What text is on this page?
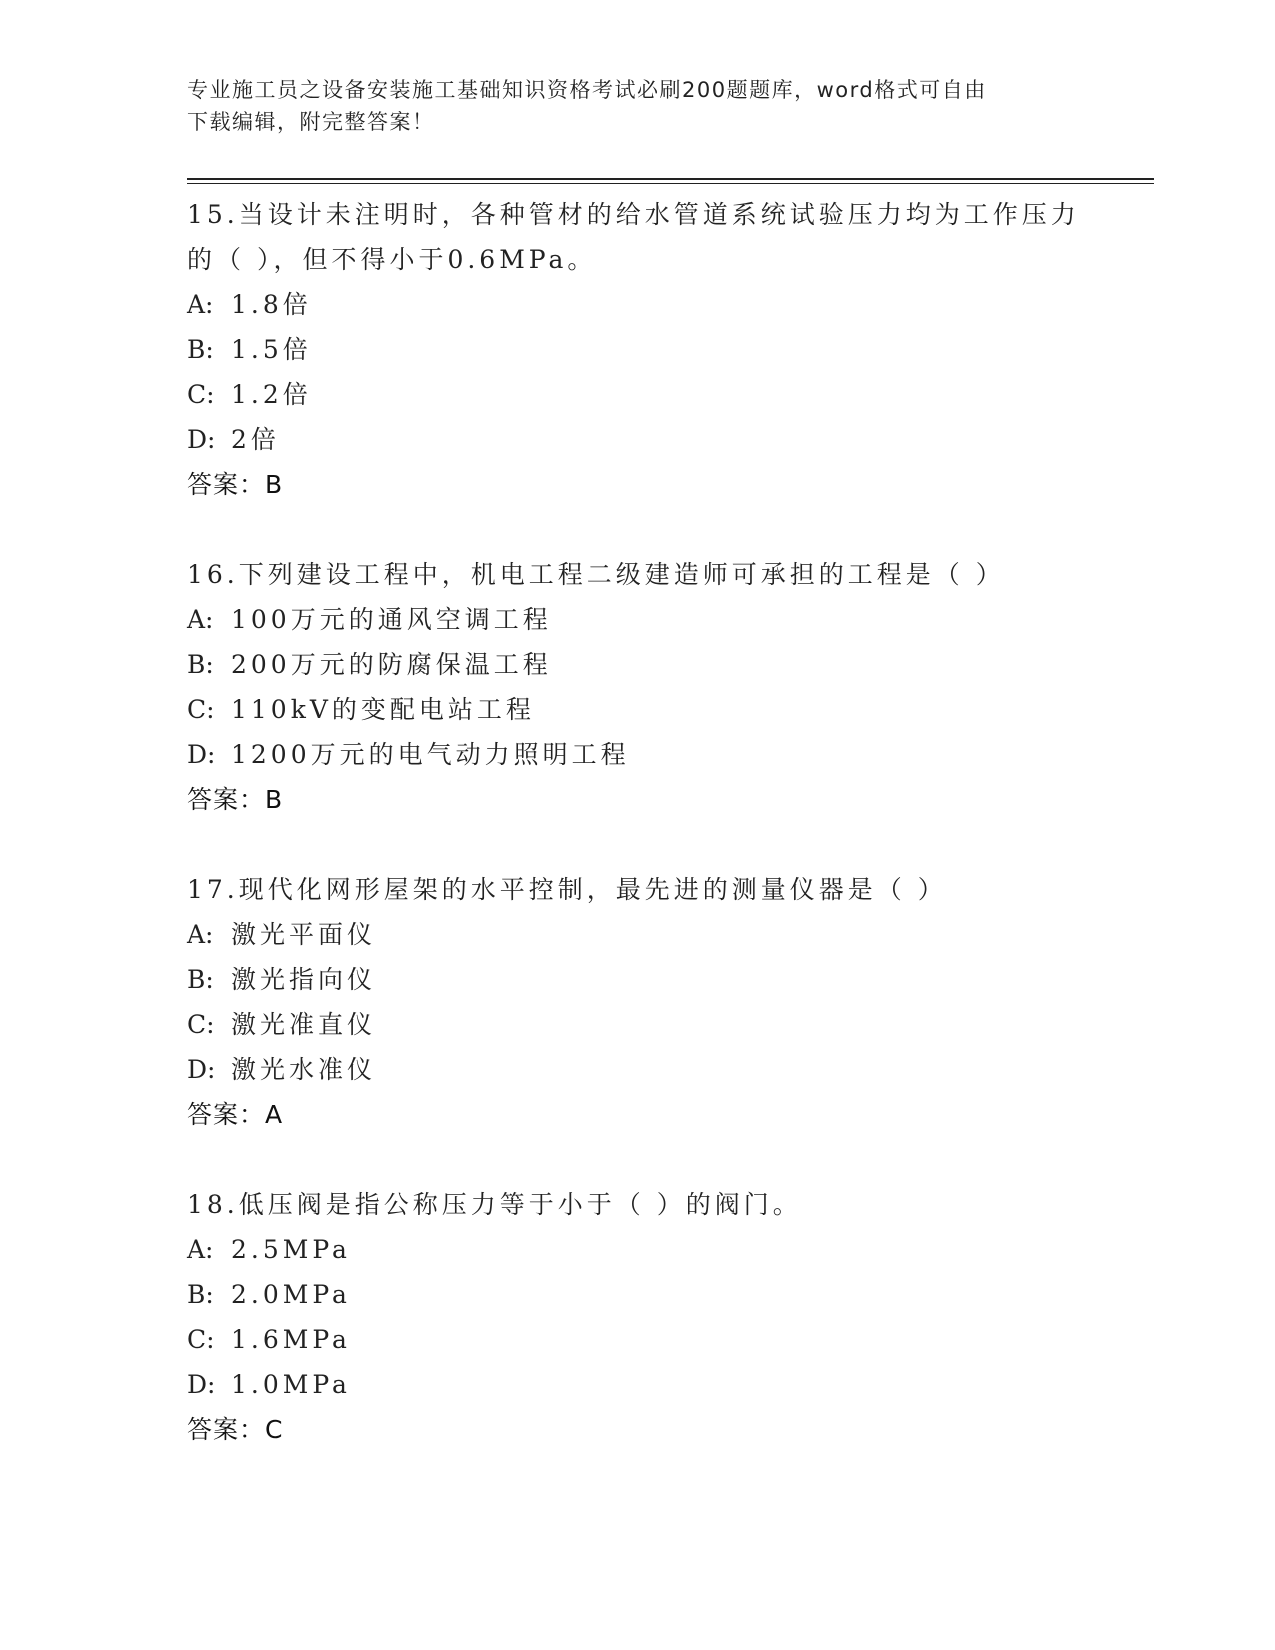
专业施工员之设备安装施工基础知识资格考试必刷200题题库，word格式可自由
下载编辑，附完整答案！
15.当设计未注明时，各种管材的给水管道系统试验压力均为工作压力
的（ ），但不得小于0.6MPa。
A: 1.8倍
B: 1.5倍
C: 1.2倍
D: 2倍
答案：B
16.下列建设工程中，机电工程二级建造师可承担的工程是（ ）
A: 100万元的通风空调工程
B: 200万元的防腐保温工程
C: 110kV的变配电站工程
D: 1200万元的电气动力照明工程
答案：B
17.现代化网形屋架的水平控制，最先进的测量仪器是（ ）
A: 激光平面仪
B: 激光指向仪
C: 激光准直仪
D: 激光水准仪
答案：A
18.低压阀是指公称压力等于小于（ ）的阀门。
A: 2.5MPa
B: 2.0MPa
C: 1.6MPa
D: 1.0MPa
答案：C
